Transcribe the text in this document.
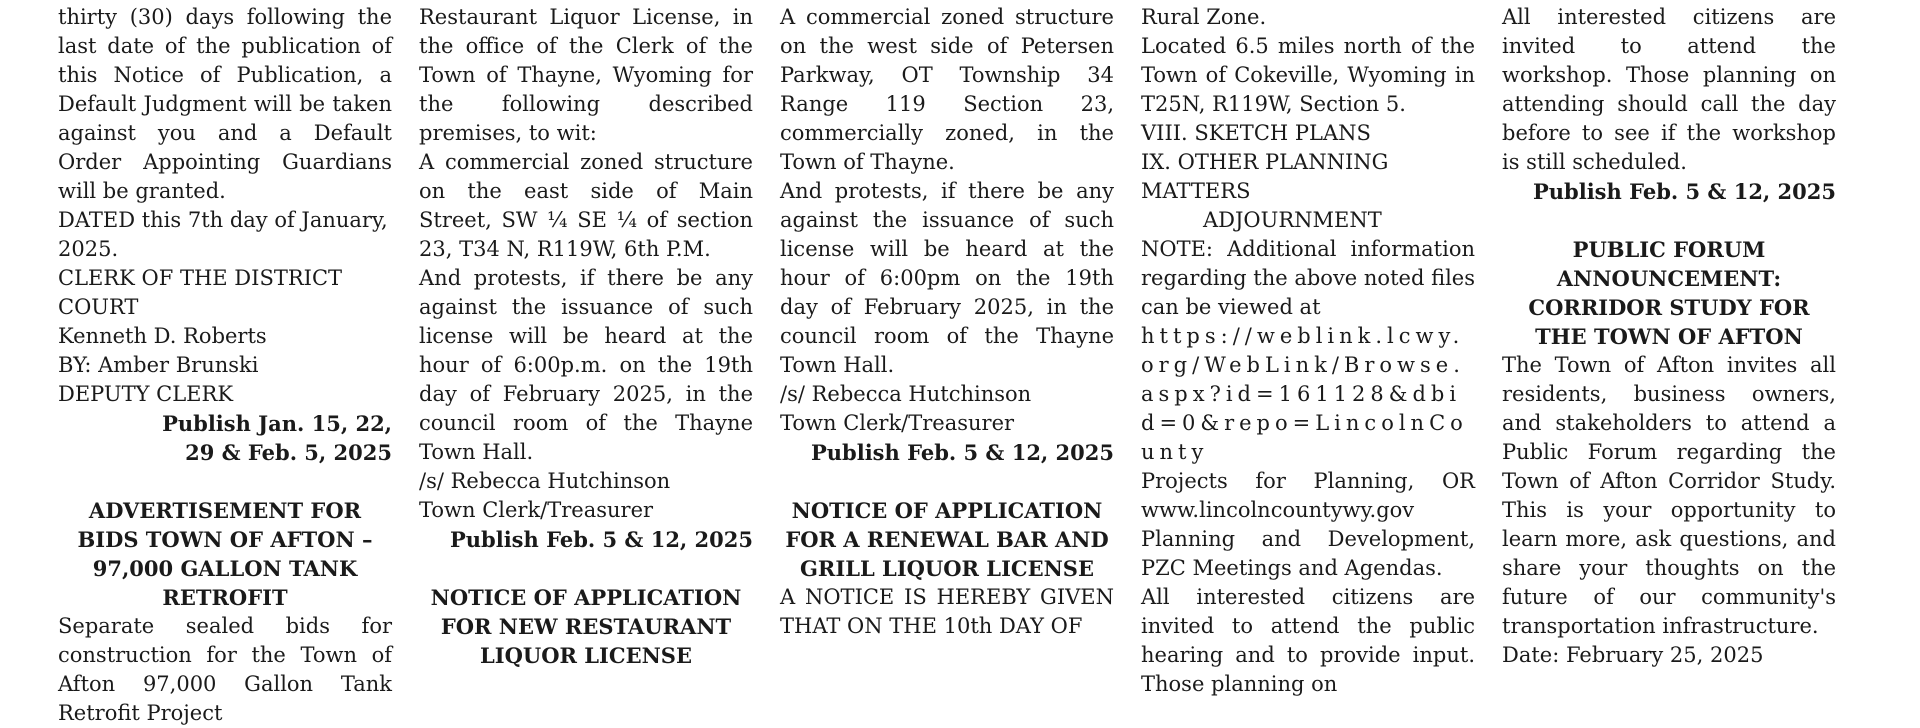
thirty (30) days following the last date of the publication of this Notice of Publication, a Default Judgment will be taken against you and a Default Order Appointing Guardians will be granted.

DATED this 7th day of January, 2025.

CLERK OF THE DISTRICT COURT

Kenneth D. Roberts

BY: Amber Brunski

DEPUTY CLERK

Publish Jan. 15, 22, 29 & Feb. 5, 2025

ADVERTISEMENT FOR BIDS TOWN OF AFTON – 97,000 GALLON TANK RETROFIT

Separate sealed bids for construction for the Town of Afton 97,000 Gallon Tank Retrofit Project

Restaurant Liquor License, in the office of the Clerk of the Town of Thayne, Wyoming for the following described premises, to wit:

A commercial zoned structure on the east side of Main Street, SW ¼ SE ¼ of section 23, T34 N, R119W, 6th P.M.

And protests, if there be any against the issuance of such license will be heard at the hour of 6:00p.m. on the 19th day of February 2025, in the council room of the Thayne Town Hall.

/s/ Rebecca Hutchinson

Town Clerk/Treasurer

Publish Feb. 5 & 12, 2025

NOTICE OF APPLICATION FOR NEW RESTAURANT LIQUOR LICENSE

A commercial zoned structure on the west side of Petersen Parkway, OT Township 34 Range 119 Section 23, commercially zoned, in the Town of Thayne.

And protests, if there be any against the issuance of such license will be heard at the hour of 6:00pm on the 19th day of February 2025, in the council room of the Thayne Town Hall.

/s/ Rebecca Hutchinson

Town Clerk/Treasurer

Publish Feb. 5 & 12, 2025

NOTICE OF APPLICATION FOR A RENEWAL BAR AND GRILL LIQUOR LICENSE

A NOTICE IS HEREBY GIVEN THAT ON THE 10th DAY OF

Rural Zone.

Located 6.5 miles north of the Town of Cokeville, Wyoming in T25N, R119W, Section 5.

VIII. SKETCH PLANS

IX. OTHER PLANNING MATTERS

ADJOURNMENT

NOTE: Additional information regarding the above noted files can be viewed at

https://weblink.lcwy.org/WebLink/Browse.aspx?id=161128&dbid=0&repo=LincolnCounty

Projects for Planning, OR www.lincolncountywy.gov Planning and Development, PZC Meetings and Agendas.

All interested citizens are invited to attend the public hearing and to provide input. Those planning on

All interested citizens are invited to attend the workshop. Those planning on attending should call the day before to see if the workshop is still scheduled.

Publish Feb. 5 & 12, 2025

PUBLIC FORUM ANNOUNCEMENT: CORRIDOR STUDY FOR THE TOWN OF AFTON

The Town of Afton invites all residents, business owners, and stakeholders to attend a Public Forum regarding the Town of Afton Corridor Study. This is your opportunity to learn more, ask questions, and share your thoughts on the future of our community's transportation infrastructure.

Date: February 25, 2025
